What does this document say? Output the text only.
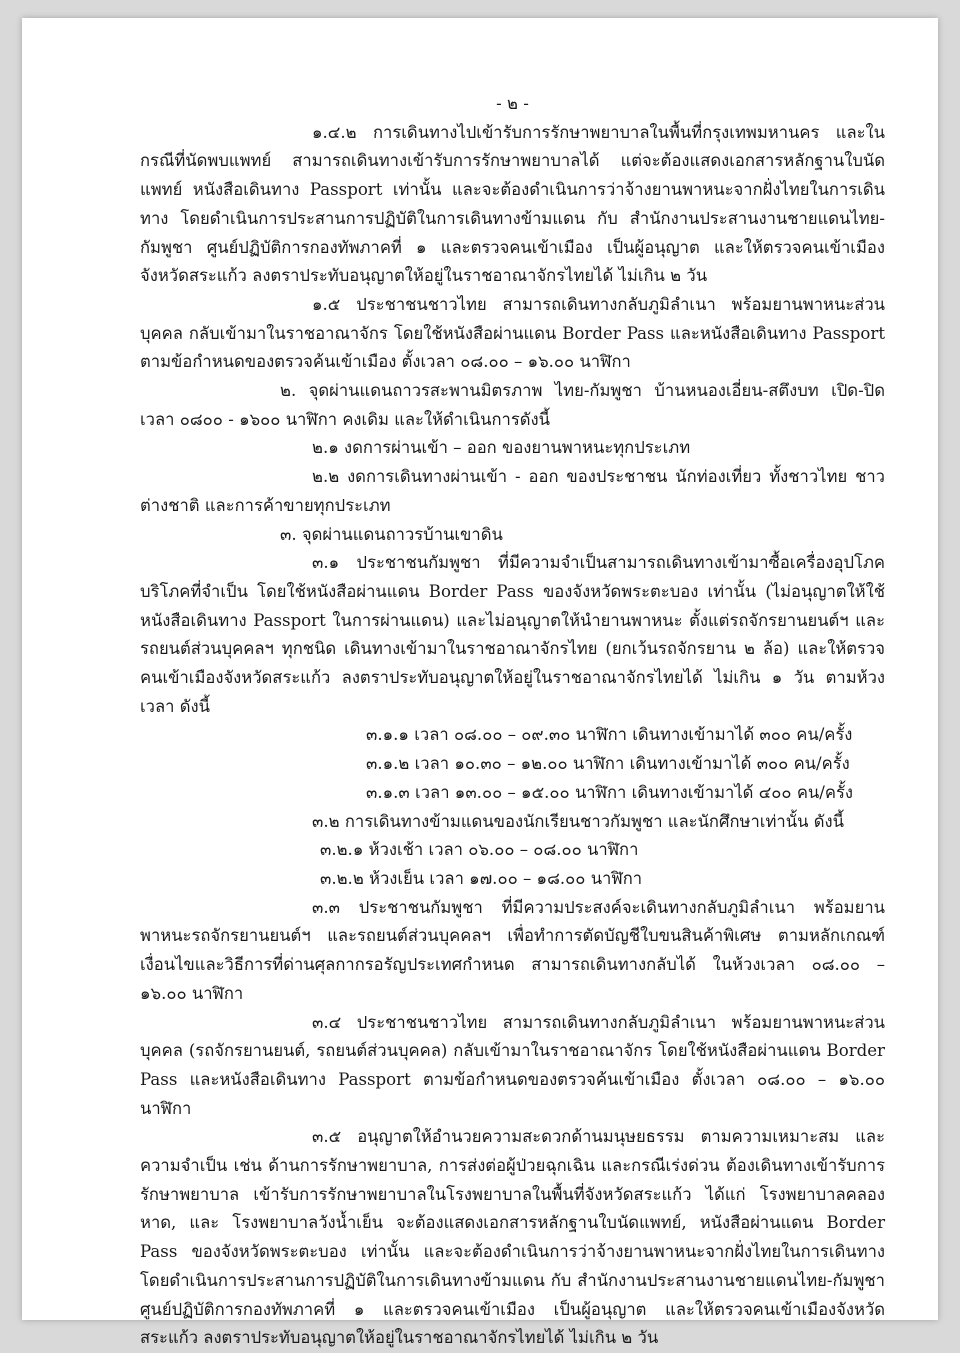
- ๒ -

๑.๔.๒ การเดินทางไปเข้ารับการรักษาพยาบาลในพื้นที่กรุงเทพมหานคร และในกรณีที่นัดพบแพทย์ สามารถเดินทางเข้ารับการรักษาพยาบาลได้ แต่จะต้องแสดงเอกสารหลักฐานใบนัดแพทย์ หนังสือเดินทาง Passport เท่านั้น และจะต้องดำเนินการว่าจ้างยานพาหนะจากฝั่งไทยในการเดินทาง โดยดำเนินการประสานการปฏิบัติในการเดินทางข้ามแดน กับ สำนักงานประสานงานชายแดนไทย-กัมพูชา ศูนย์ปฏิบัติการกองทัพภาคที่ ๑ และตรวจคนเข้าเมือง เป็นผู้อนุญาต และให้ตรวจคนเข้าเมืองจังหวัดสระแก้ว ลงตราประทับอนุญาตให้อยู่ในราชอาณาจักรไทยได้ ไม่เกิน ๒ วัน

๑.๕ ประชาชนชาวไทย สามารถเดินทางกลับภูมิลำเนา พร้อมยานพาหนะส่วนบุคคล กลับเข้ามาในราชอาณาจักร โดยใช้หนังสือผ่านแดน Border Pass และหนังสือเดินทาง Passport ตามข้อกำหนดของตรวจค้นเข้าเมือง ตั้งเวลา ๐๘.๐๐ – ๑๖.๐๐ นาฬิกา

๒. จุดผ่านแดนถาวรสะพานมิตรภาพ ไทย-กัมพูชา บ้านหนองเอี่ยน-สตึงบท เปิด-ปิดเวลา ๐๘๐๐ - ๑๖๐๐ นาฬิกา คงเดิม และให้ดำเนินการดังนี้

๒.๑ งดการผ่านเข้า – ออก ของยานพาหนะทุกประเภท

๒.๒ งดการเดินทางผ่านเข้า - ออก ของประชาชน นักท่องเที่ยว ทั้งชาวไทย ชาวต่างชาติ และการค้าขายทุกประเภท

๓. จุดผ่านแดนถาวรบ้านเขาดิน

๓.๑ ประชาชนกัมพูชา ที่มีความจำเป็นสามารถเดินทางเข้ามาซื้อเครื่องอุปโภคบริโภคที่จำเป็น โดยใช้หนังสือผ่านแดน Border Pass ของจังหวัดพระตะบอง เท่านั้น (ไม่อนุญาตให้ใช้หนังสือเดินทาง Passport ในการผ่านแดน) และไม่อนุญาตให้นำยานพาหนะ ตั้งแต่รถจักรยานยนต์ฯ และรถยนต์ส่วนบุคคลฯ ทุกชนิด เดินทางเข้ามาในราชอาณาจักรไทย (ยกเว้นรถจักรยาน ๒ ล้อ) และให้ตรวจคนเข้าเมืองจังหวัดสระแก้ว ลงตราประทับอนุญาตให้อยู่ในราชอาณาจักรไทยได้ ไม่เกิน ๑ วัน ตามห้วงเวลา ดังนี้

๓.๑.๑ เวลา ๐๘.๐๐ – ๐๙.๓๐ นาฬิกา เดินทางเข้ามาได้ ๓๐๐ คน/ครั้ง

๓.๑.๒ เวลา ๑๐.๓๐ – ๑๒.๐๐ นาฬิกา เดินทางเข้ามาได้ ๓๐๐ คน/ครั้ง

๓.๑.๓ เวลา ๑๓.๐๐ – ๑๕.๐๐ นาฬิกา เดินทางเข้ามาได้ ๔๐๐ คน/ครั้ง

๓.๒ การเดินทางข้ามแดนของนักเรียนชาวกัมพูชา และนักศึกษาเท่านั้น ดังนี้

๓.๒.๑ ห้วงเช้า เวลา ๐๖.๐๐ – ๐๘.๐๐ นาฬิกา

๓.๒.๒ ห้วงเย็น เวลา ๑๗.๐๐ – ๑๘.๐๐ นาฬิกา

๓.๓ ประชาชนกัมพูชา ที่มีความประสงค์จะเดินทางกลับภูมิลำเนา พร้อมยานพาหนะรถจักรยานยนต์ฯ และรถยนต์ส่วนบุคคลฯ เพื่อทำการตัดบัญชีใบขนสินค้าพิเศษ ตามหลักเกณฑ์ เงื่อนไขและวิธีการที่ด่านศุลกากรอรัญประเทศกำหนด สามารถเดินทางกลับได้ ในห้วงเวลา ๐๘.๐๐ – ๑๖.๐๐ นาฬิกา

๓.๔ ประชาชนชาวไทย สามารถเดินทางกลับภูมิลำเนา พร้อมยานพาหนะส่วนบุคคล (รถจักรยานยนต์, รถยนต์ส่วนบุคคล) กลับเข้ามาในราชอาณาจักร โดยใช้หนังสือผ่านแดน Border Pass และหนังสือเดินทาง Passport ตามข้อกำหนดของตรวจค้นเข้าเมือง ตั้งเวลา ๐๘.๐๐ – ๑๖.๐๐ นาฬิกา

๓.๕ อนุญาตให้อำนวยความสะดวกด้านมนุษยธรรม ตามความเหมาะสม และความจำเป็น เช่น ด้านการรักษาพยาบาล, การส่งต่อผู้ป่วยฉุกเฉิน และกรณีเร่งด่วน ต้องเดินทางเข้ารับการรักษาพยาบาล เข้ารับการรักษาพยาบาลในโรงพยาบาลในพื้นที่จังหวัดสระแก้ว ได้แก่ โรงพยาบาลคลองหาด, และ โรงพยาบาลวังน้ำเย็น จะต้องแสดงเอกสารหลักฐานใบนัดแพทย์, หนังสือผ่านแดน Border Pass ของจังหวัดพระตะบอง เท่านั้น และจะต้องดำเนินการว่าจ้างยานพาหนะจากฝั่งไทยในการเดินทาง โดยดำเนินการประสานการปฏิบัติในการเดินทางข้ามแดน กับ สำนักงานประสานงานชายแดนไทย-กัมพูชา ศูนย์ปฏิบัติการกองทัพภาคที่ ๑ และตรวจคนเข้าเมือง เป็นผู้อนุญาต และให้ตรวจคนเข้าเมืองจังหวัดสระแก้ว ลงตราประทับอนุญาตให้อยู่ในราชอาณาจักรไทยได้ ไม่เกิน ๒ วัน
